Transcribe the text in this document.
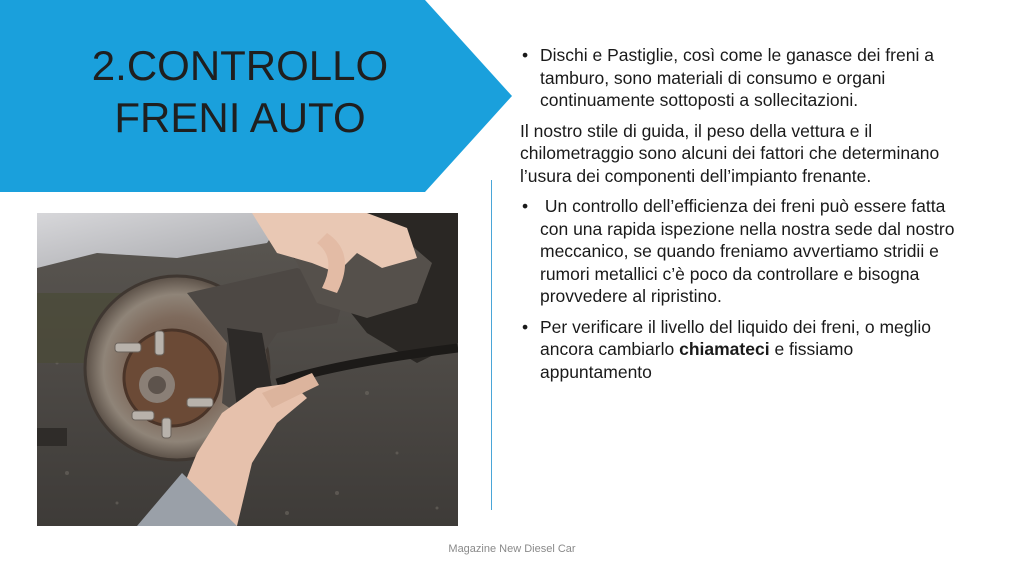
2.CONTROLLO
FRENI AUTO
• Dischi e Pastiglie, così come le ganasce dei freni a tamburo, sono materiali di consumo e organi continuamente sottoposti a sollecitazioni.
Il nostro stile di guida, il peso della vettura e il chilometraggio sono alcuni dei fattori che determinano l’usura dei componenti dell’impianto frenante.
• Un controllo dell’efficienza dei freni può essere fatta con una rapida ispezione nella nostra sede dal nostro meccanico, se quando freniamo avvertiamo stridii e rumori metallici c’è poco da controllare e bisogna provvedere al ripristino.
• Per verificare il livello del liquido dei freni, o meglio ancora cambiarlo chiamateci e fissiamo appuntamento
Magazine New Diesel Car
